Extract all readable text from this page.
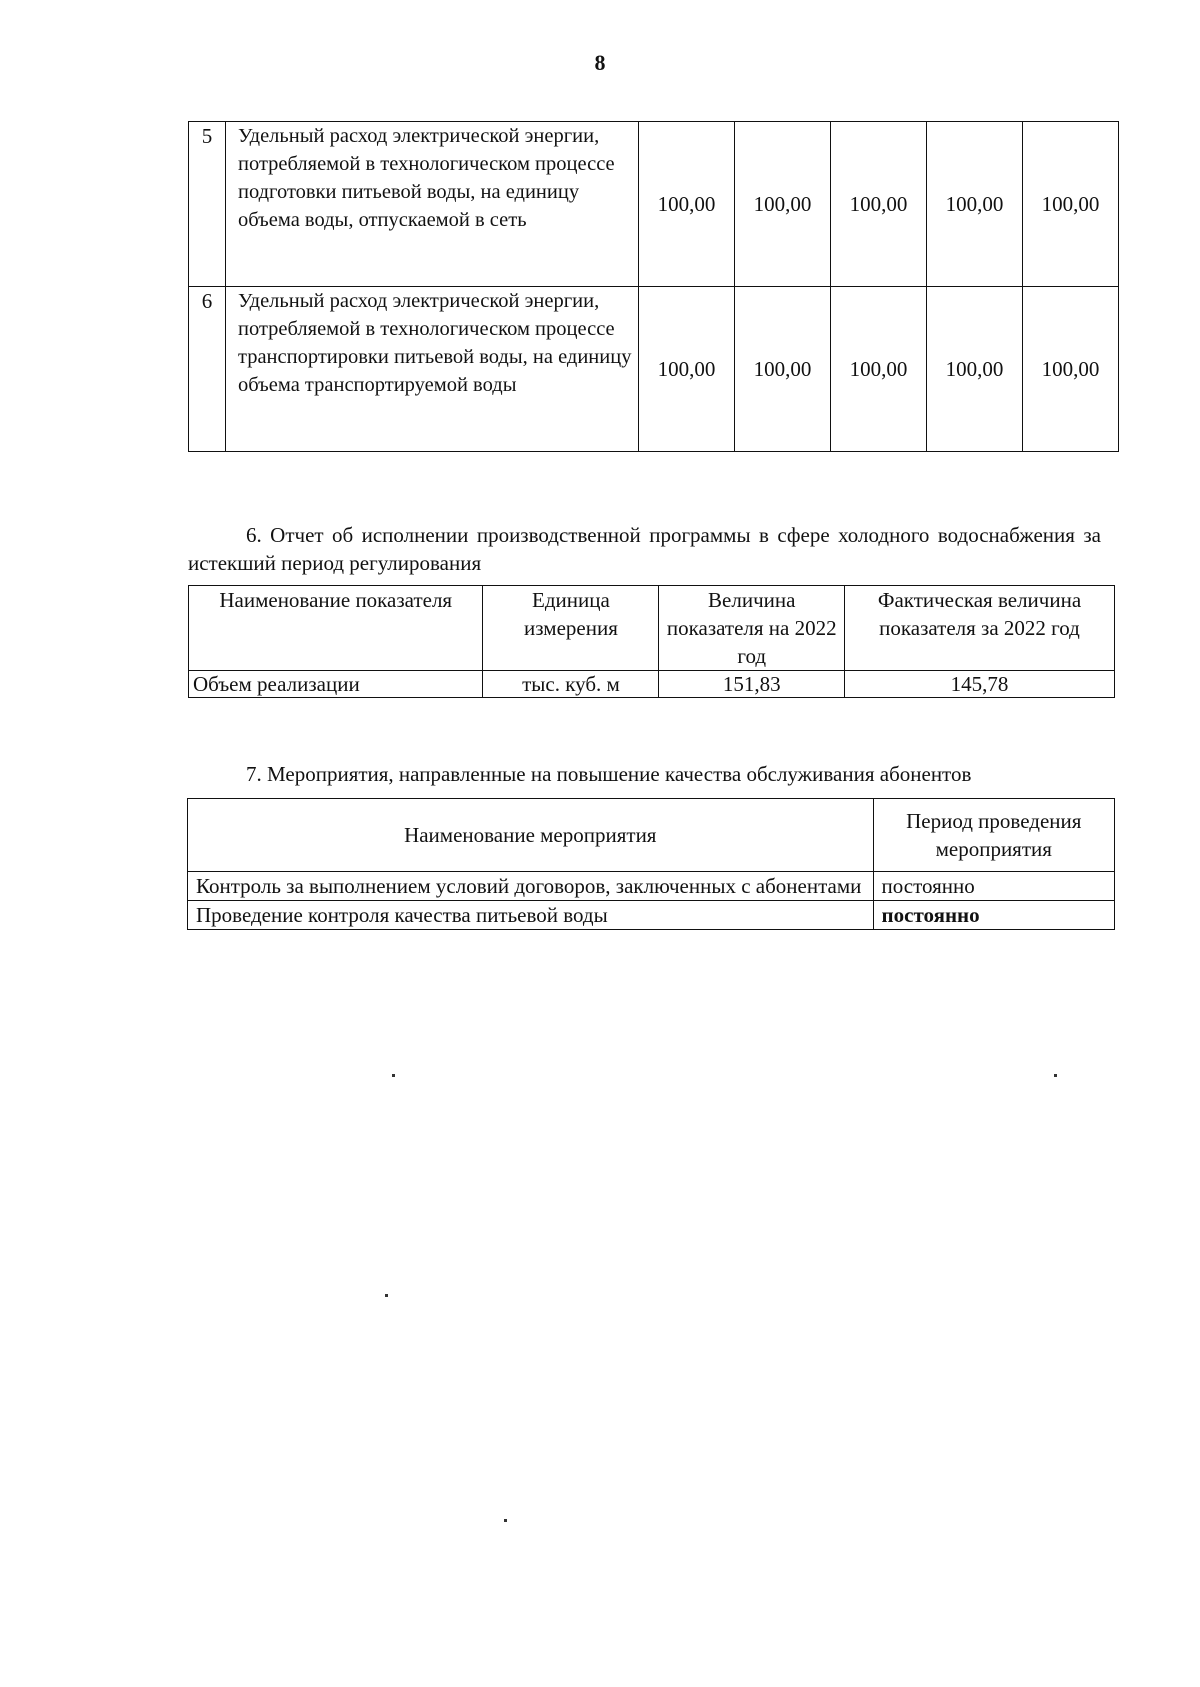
8
5	Удельный расход электрической энергии, потребляемой в технологическом процессе подготовки питьевой воды, на единицу объема воды, отпускаемой в сеть	100,00	100,00	100,00	100,00	100,00
6	Удельный расход электрической энергии, потребляемой в технологическом процессе транспортировки питьевой воды, на единицу объема транспортируемой воды	100,00	100,00	100,00	100,00	100,00
6. Отчет об исполнении производственной программы в сфере холодного водоснабжения за истекший период регулирования
Наименование показателя	Единица измерения	Величина показателя на 2022 год	Фактическая величина показателя за 2022 год
Объем реализации	тыс. куб. м	151,83	145,78
7. Мероприятия, направленные на повышение качества обслуживания абонентов
Наименование мероприятия	Период проведения мероприятия
Контроль за выполнением условий договоров, заключенных с абонентами	постоянно
Проведение контроля качества питьевой воды	постоянно
